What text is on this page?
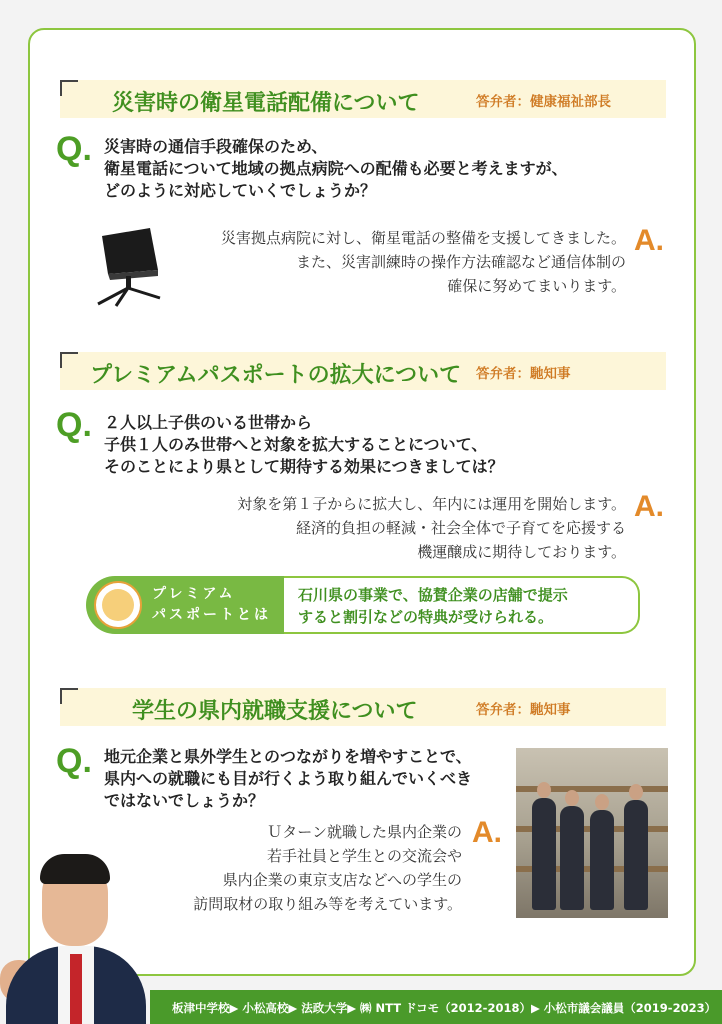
災害時の衛星電話配備について	答弁者：健康福祉部長
Q. 災害時の通信手段確保のため、
衛星電話について地域の拠点病院への配備も必要と考えますが、
どのように対応していくでしょうか？
災害拠点病院に対し、衛星電話の整備を支援してきました。
また、災害訓練時の操作方法確認など通信体制の
確保に努めてまいります。
A.
プレミアムパスポートの拡大について 答弁者：馳知事
Q. ２人以上子供のいる世帯から
子供１人のみ世帯へと対象を拡大することについて、
そのことにより県として期待する効果につきましては？
対象を第１子からに拡大し、年内には運用を開始します。
経済的負担の軽減・社会全体で子育てを応援する
機運醸成に期待しております。
A.
プレミアム
パスポートとは
石川県の事業で、協賛企業の店舗で提示
すると割引などの特典が受けられる。
学生の県内就職支援について	答弁者：馳知事
Q. 地元企業と県外学生とのつながりを増やすことで、
県内への就職にも目が行くよう取り組んでいくべき
ではないでしょうか？
Ｕターン就職した県内企業の
若手社員と学生との交流会や
県内企業の東京支店などへの学生の
訪問取材の取り組み等を考えています。
A.
板津中学校▶ 小松高校▶ 法政大学▶ ㈱ NTT ドコモ（2012-2018）▶ 小松市議会議員（2019-2023）
